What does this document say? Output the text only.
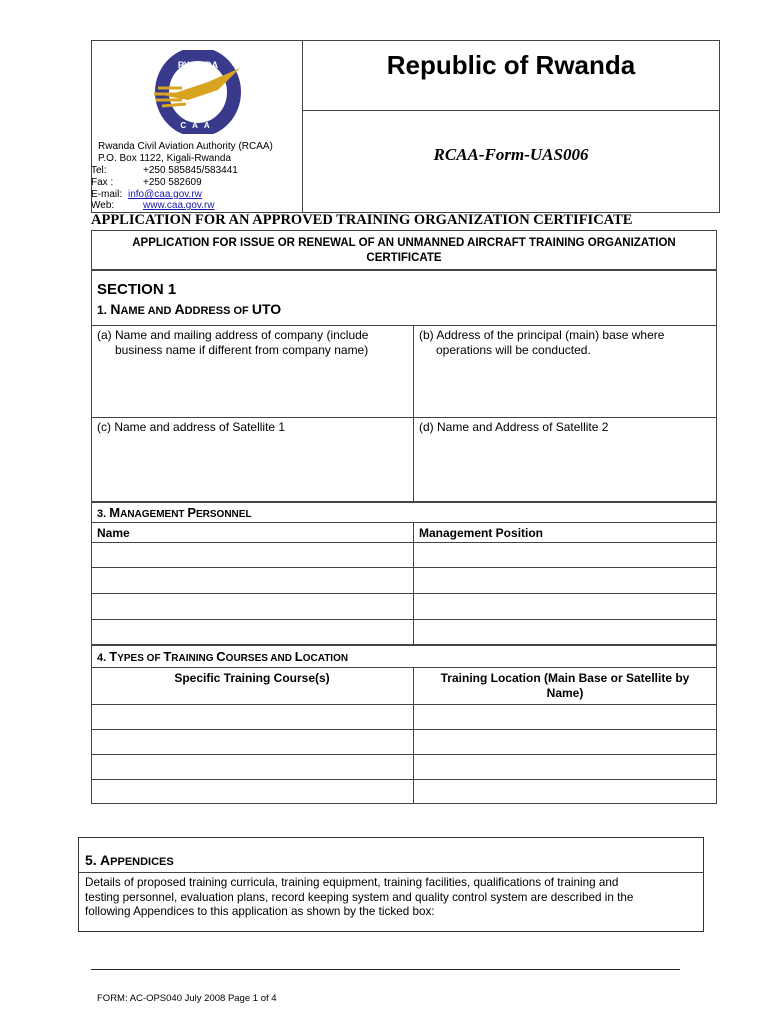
RWANDA
CAA
Rwanda Civil Aviation Authority (RCAA)
P.O. Box 1122, Kigali-Rwanda
Tel:	+250 585845/583441
Fax :	+250 582609
E-mail: info@caa.gov.rw
Web:	www.caa.gov.rw
Republic of Rwanda
RCAA-Form-UAS006
APPLICATION FOR AN APPROVED TRAINING ORGANIZATION CERTIFICATE
APPLICATION FOR ISSUE OR RENEWAL OF AN UNMANNED AIRCRAFT TRAINING ORGANIZATION
CERTIFICATE
SECTION 1
1. NAME AND ADDRESS OF UTO
(a) Name and mailing address of company (include
business name if different from company name)
(b) Address of the principal (main) base where
operations will be conducted.
(c) Name and address of Satellite 1	(d) Name and Address of Satellite 2
3. MANAGEMENT PERSONNEL
Name	Management Position
4. TYPES OF TRAINING COURSES AND LOCATION
Specific Training Course(s)	Training Location (Main Base or Satellite by
Name)
5. APPENDICES
Details of proposed training curricula, training equipment, training facilities, qualifications of training and
testing personnel, evaluation plans, record keeping system and quality control system are described in the
following Appendices to this application as shown by the ticked box:
FORM: AC-OPS040 July 2008 Page 1 of 4
